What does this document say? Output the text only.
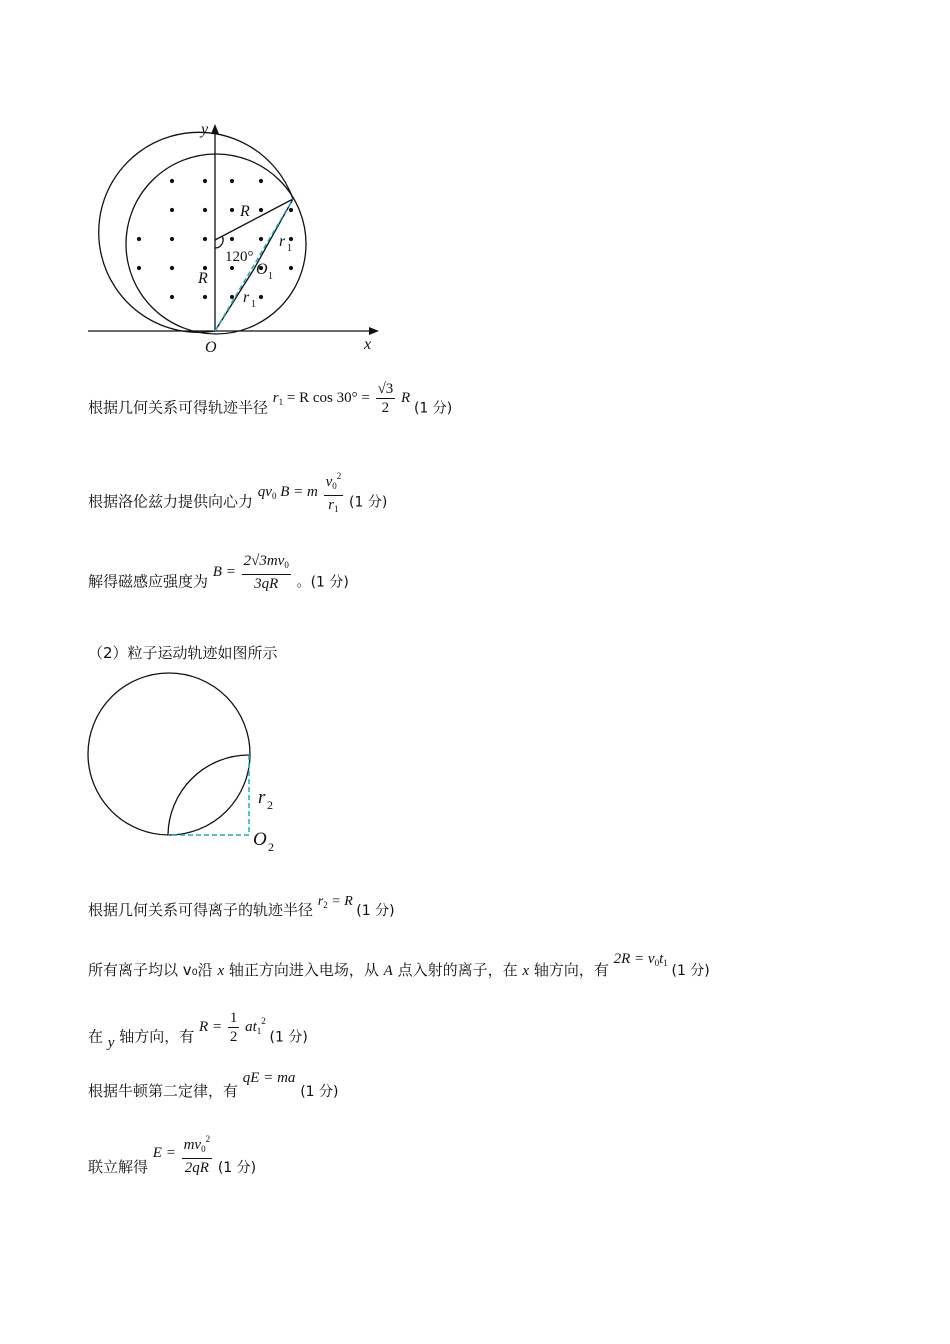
y
x
O
R
R
r 1
r 1
O 1
120°
根据几何关系可得轨迹半径 $r_1 = R$ $\cos 30^\circ = \frac{√3}{2}$ R (1 分)
根据洛伦兹力提供向心力 $qv_0$ B = m $\frac{v_0^2}{r_1} (1$ 分)
解得磁感应强度为 $B = \frac{2√3mv_0}{3qR}$ 。(1 分)
（2）粒子运动轨迹如图所示
r 2
O 2
根据几何关系可得离子的轨迹半径 $r_2 = R$ (1 分)
所有离子均以 v₀沿 x 轴正方向进入电场，从 A 点入射的离子，在 x 轴方向，有 $2R = v_0t_1$ (1 分)
在 y 轴方向，有 $R = \frac{1}{2} at_1^2$ (1 分)
根据牛顿第二定律，有 qE = ma (1 分)
联立解得 $E = \frac{mv_0^2}{2qR} (1$ 分)
